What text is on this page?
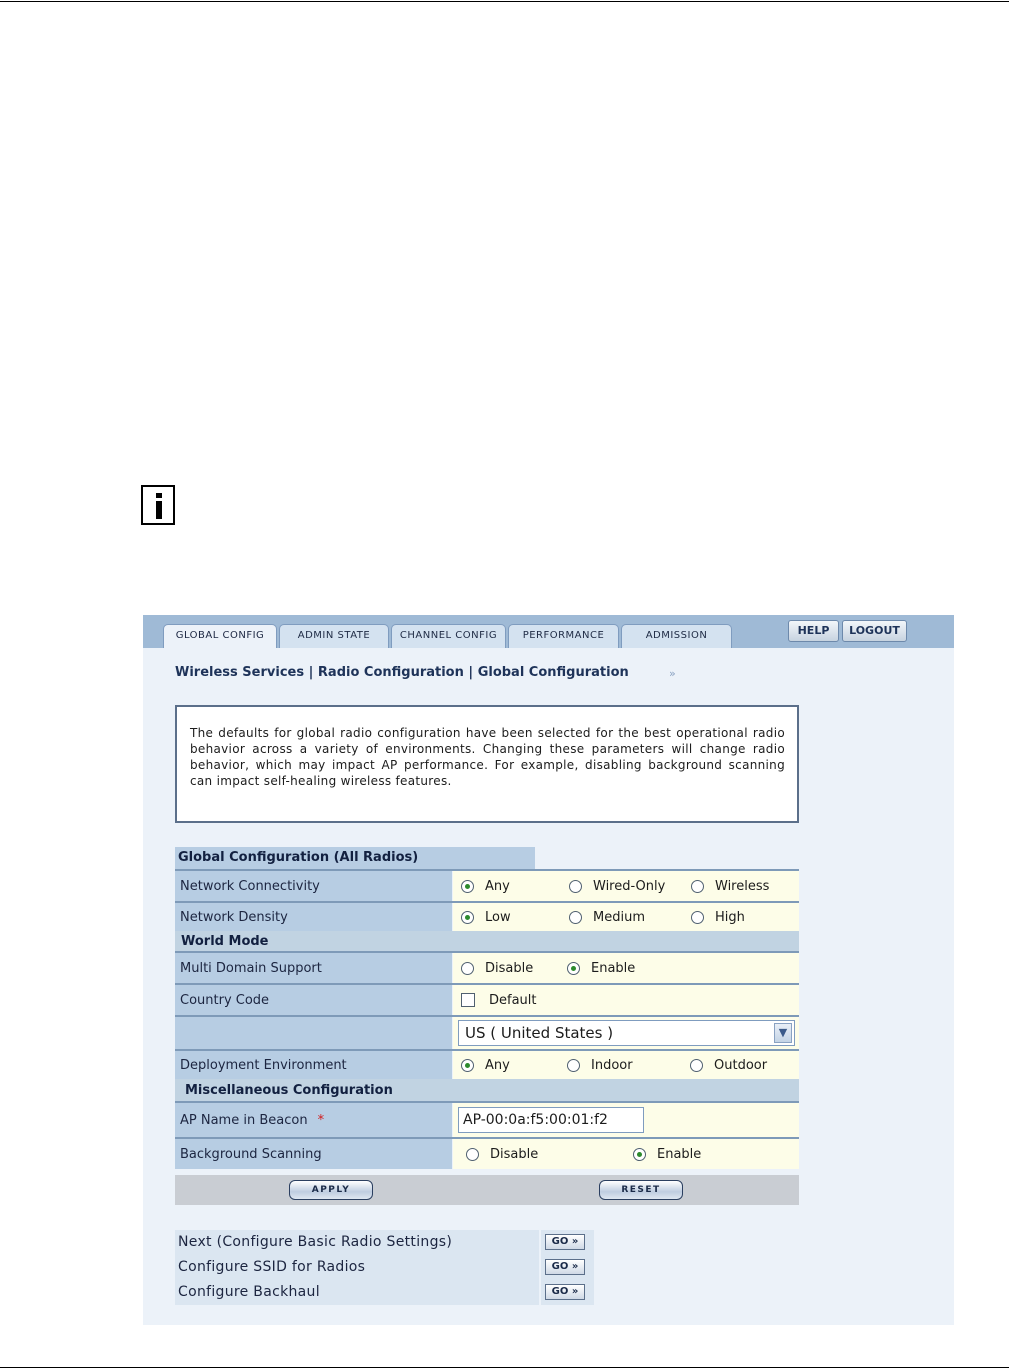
GLOBAL CONFIG	ADMIN STATE	CHANNEL CONFIG	PERFORMANCE	ADMISSION	HELP	LOGOUT
Wireless Services | Radio Configuration | Global Configuration	»

The defaults for global radio configuration have been selected for the best operational radio behavior across a variety of environments. Changing these parameters will change radio behavior, which may impact AP performance. For example, disabling background scanning can impact self-healing wireless features.

Global Configuration (All Radios)
Network Connectivity	Any	Wired-Only	Wireless
Network Density	Low	Medium	High
World Mode
Multi Domain Support	Disable	Enable
Country Code	Default
US ( United States )	▼
Deployment Environment	Any	Indoor	Outdoor
Miscellaneous Configuration
AP Name in Beacon *	AP-00:0a:f5:00:01:f2
Background Scanning	Disable	Enable
APPLY	RESET
Next (Configure Basic Radio Settings)	GO »
Configure SSID for Radios	GO »
Configure Backhaul	GO »
